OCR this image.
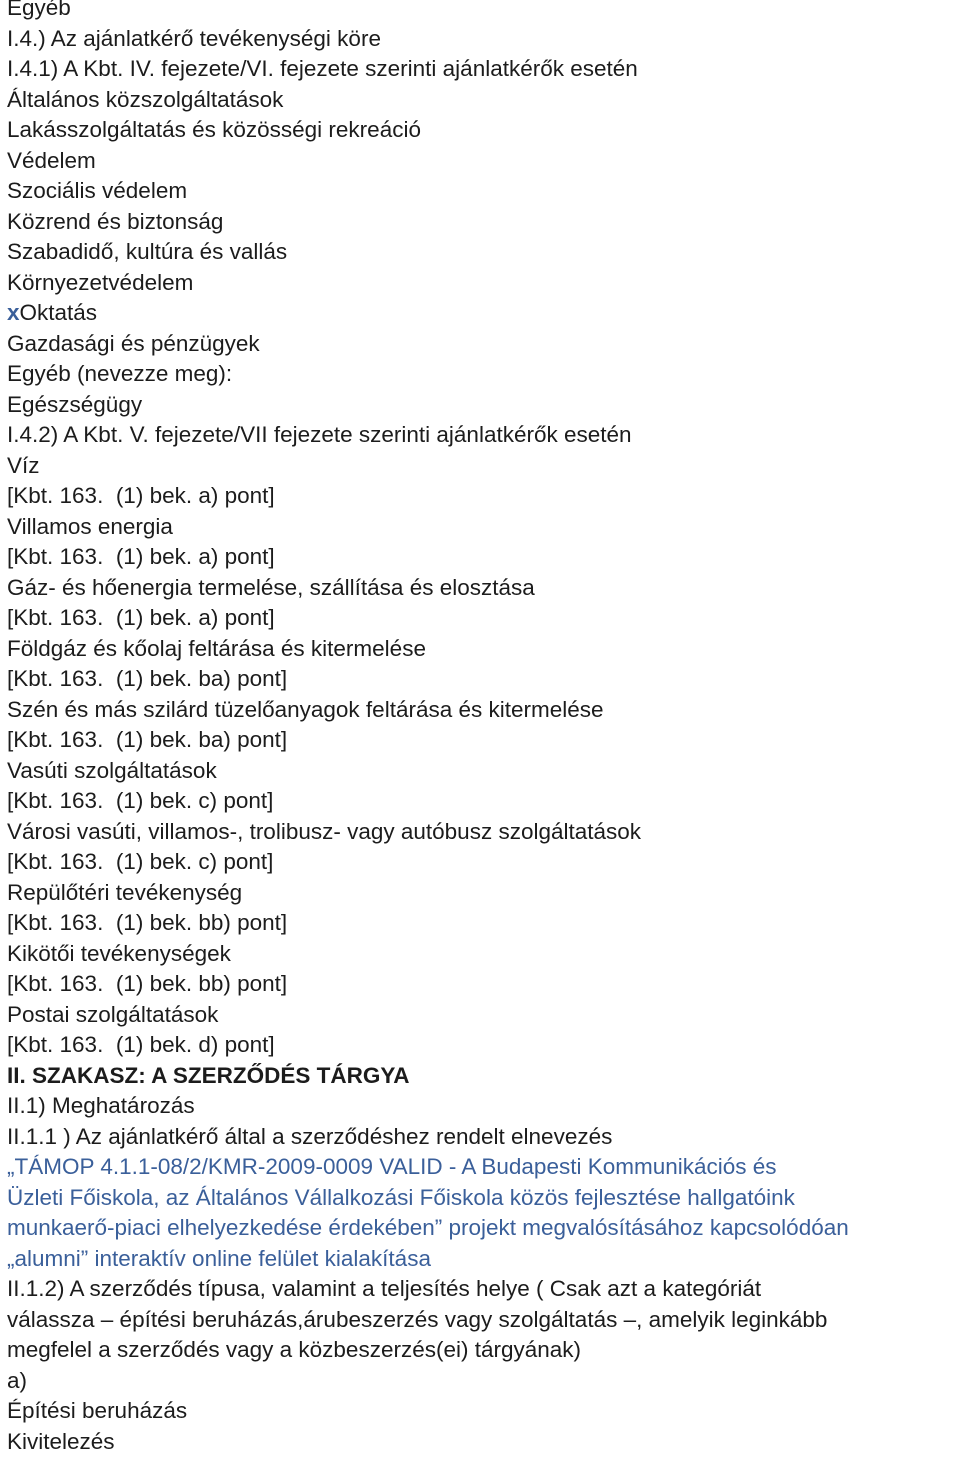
Egyéb
I.4.) Az ajánlatkérő tevékenységi köre
I.4.1) A Kbt. IV. fejezete/VI. fejezete szerinti ajánlatkérők esetén
Általános közszolgáltatások
Lakásszolgáltatás és közösségi rekreáció
Védelem
Szociális védelem
Közrend és biztonság
Szabadidő, kultúra és vallás
Környezetvédelem
xOktatás
Gazdasági és pénzügyek
Egyéb (nevezze meg):
Egészségügy
I.4.2) A Kbt. V. fejezete/VII fejezete szerinti ajánlatkérők esetén
Víz
[Kbt. 163.  (1) bek. a) pont]
Villamos energia
[Kbt. 163.  (1) bek. a) pont]
Gáz- és hőenergia termelése, szállítása és elosztása
[Kbt. 163.  (1) bek. a) pont]
Földgáz és kőolaj feltárása és kitermelése
[Kbt. 163.  (1) bek. ba) pont]
Szén és más szilárd tüzelőanyagok feltárása és kitermelése
[Kbt. 163.  (1) bek. ba) pont]
Vasúti szolgáltatások
[Kbt. 163.  (1) bek. c) pont]
Városi vasúti, villamos-, trolibusz- vagy autóbusz szolgáltatások
[Kbt. 163.  (1) bek. c) pont]
Repülőtéri tevékenység
[Kbt. 163.  (1) bek. bb) pont]
Kikötői tevékenységek
[Kbt. 163.  (1) bek. bb) pont]
Postai szolgáltatások
[Kbt. 163.  (1) bek. d) pont]
II. SZAKASZ: A SZERZŐDÉS TÁRGYA
II.1) Meghatározás
II.1.1 ) Az ajánlatkérő által a szerződéshez rendelt elnevezés
„TÁMOP 4.1.1-08/2/KMR-2009-0009 VALID - A Budapesti Kommunikációs és
Üzleti Főiskola, az Általános Vállalkozási Főiskola közös fejlesztése hallgatóink
munkaerő-piaci elhelyezkedése érdekében” projekt megvalósításához kapcsolódóan
„alumni” interaktív online felület kialakítása
II.1.2) A szerződés típusa, valamint a teljesítés helye ( Csak azt a kategóriát
válassza – építési beruházás,árubeszerzés vagy szolgáltatás –, amelyik leginkább
megfelel a szerződés vagy a közbeszerzés(ei) tárgyának)
a)
Építési beruházás
Kivitelezés
